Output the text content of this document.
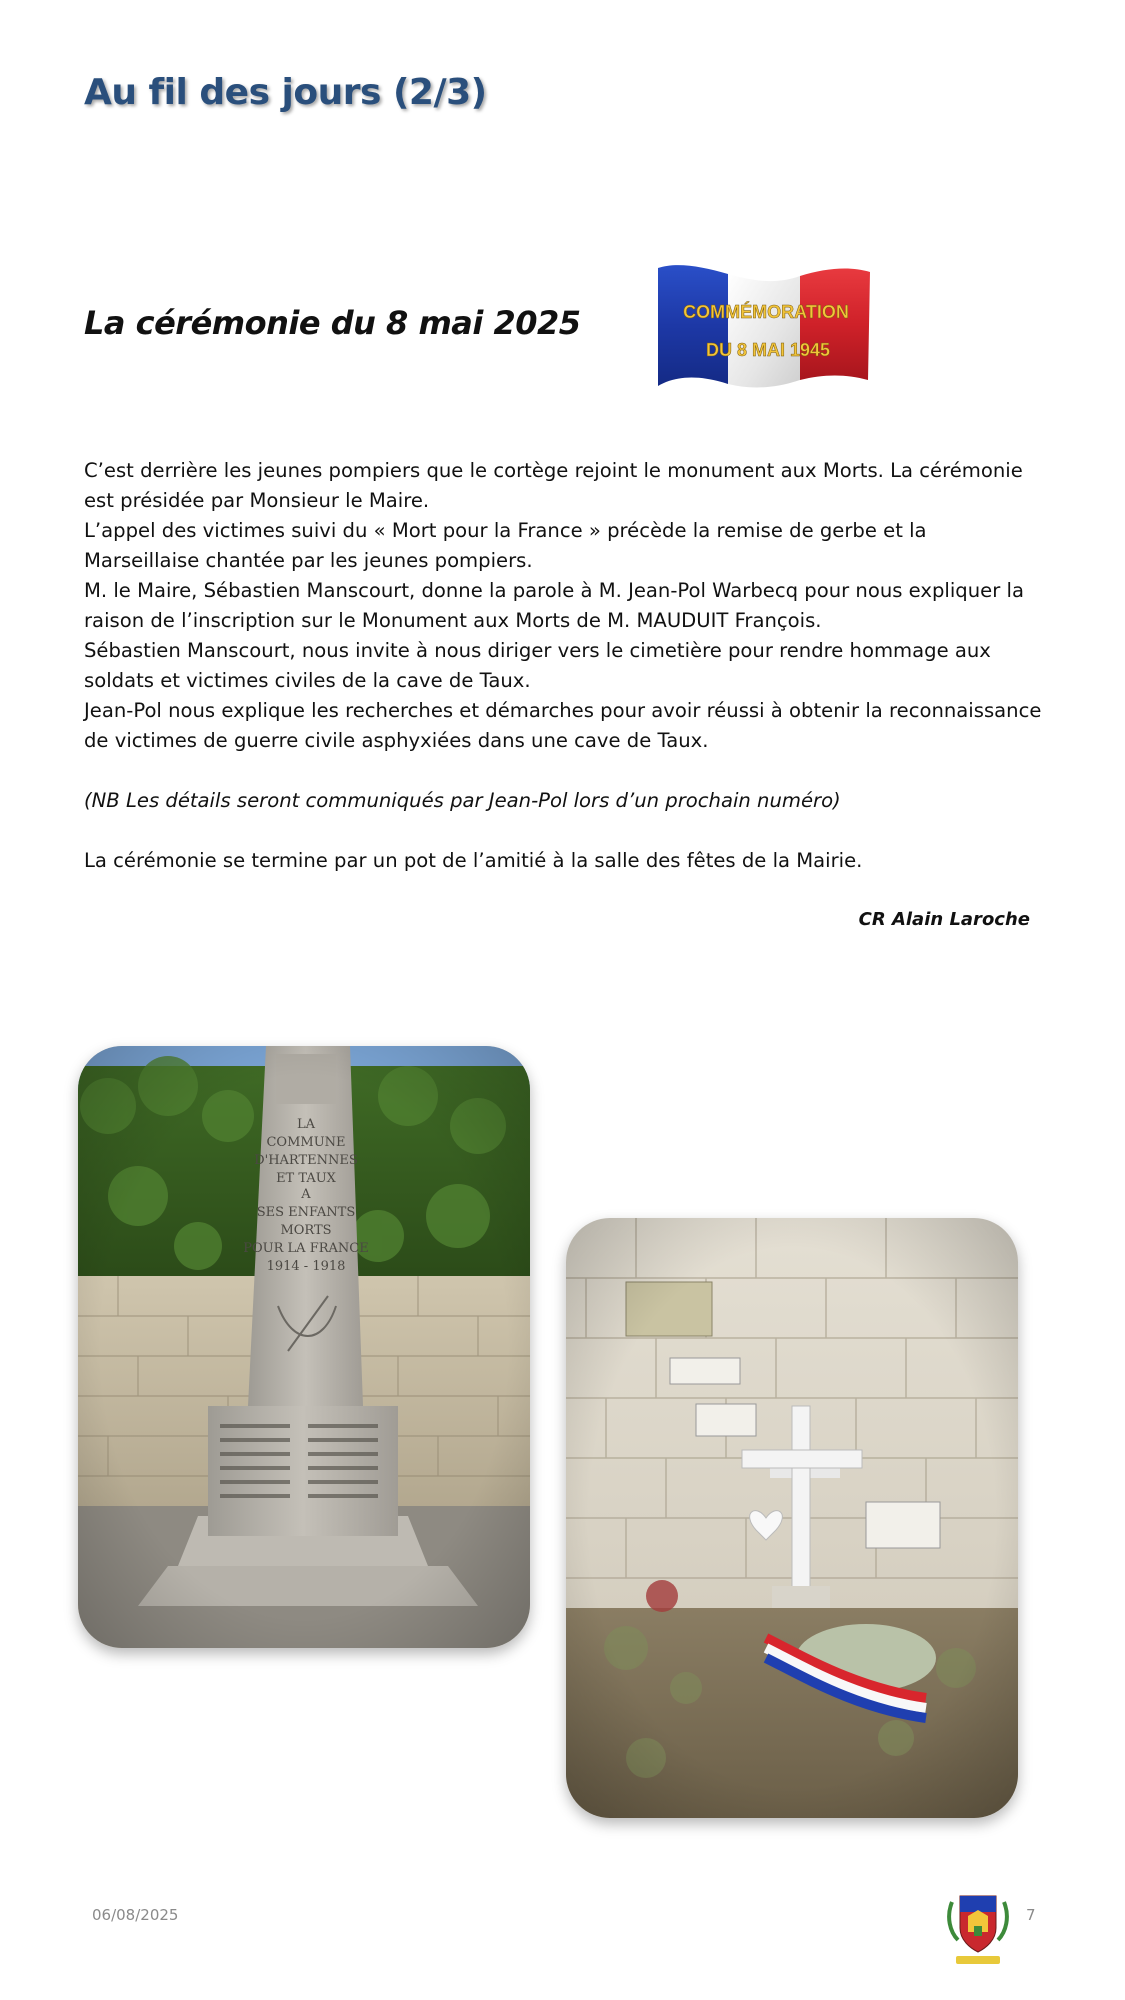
Au fil des jours (2/3)
La cérémonie du 8 mai 2025	COMMÉMORATION
DU 8 MAI 1945

C’est derrière les jeunes pompiers que le cortège rejoint le monument aux Morts. La cérémonie est présidée par Monsieur le Maire.

L’appel des victimes suivi du « Mort pour la France » précède la remise de gerbe et la Marseillaise chantée par les jeunes pompiers.

M. le Maire, Sébastien Manscourt, donne la parole à M. Jean-Pol Warbecq pour nous expliquer la raison de l’inscription sur le Monument aux Morts de M. MAUDUIT François.

Sébastien Manscourt, nous invite à nous diriger vers le cimetière pour rendre hommage aux soldats et victimes civiles de la cave de Taux.

Jean-Pol nous explique les recherches et démarches pour avoir réussi à obtenir la reconnaissance de victimes de guerre civile asphyxiées dans une cave de Taux.

(NB Les détails seront communiqués par Jean-Pol lors d’un prochain numéro)

La cérémonie se termine par un pot de l’amitié à la salle des fêtes de la Mairie.

CR Alain Laroche
06/08/2025	7
